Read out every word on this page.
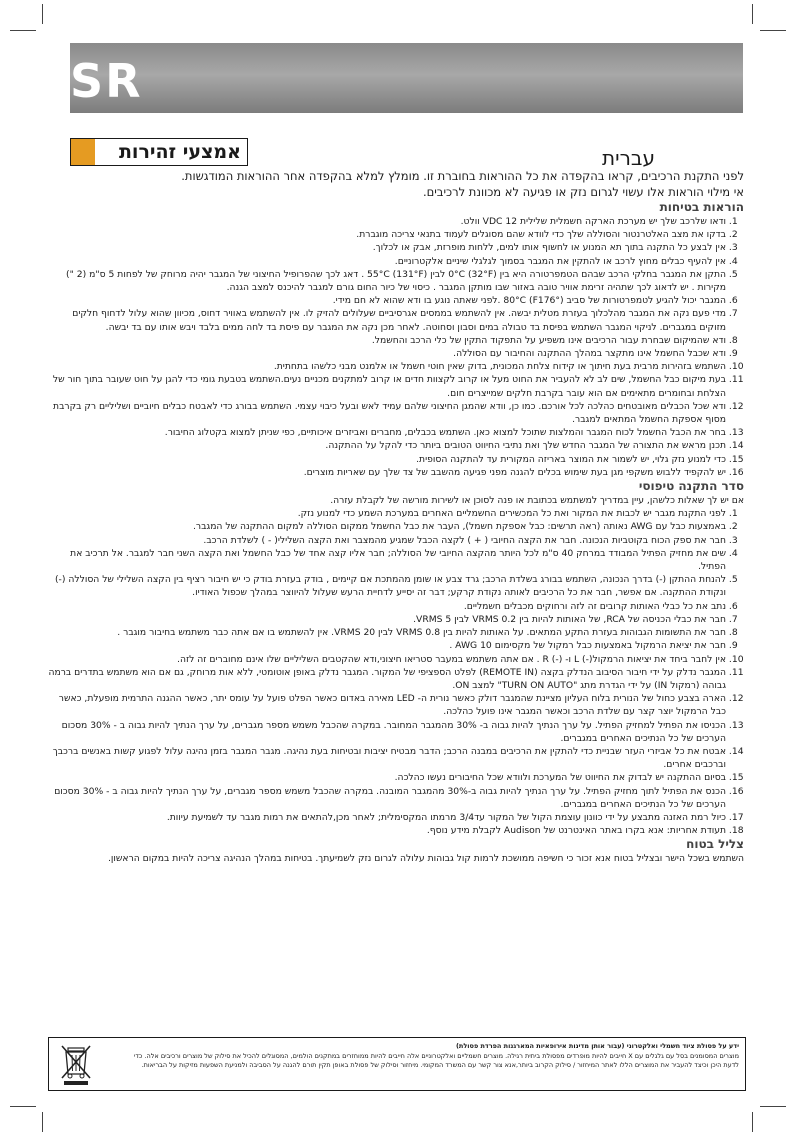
SR
אמצעי זהירות	עברית
לפני התקנת הרכיבים, קראו בהקפדה את כל ההוראות בחוברת זו. מומלץ למלא בהקפדה אחר ההוראות המודגשות.
אי מילוי הוראות אלו עשוי לגרום נזק או פגיעה לא מכוונת לרכיבים.
הוראות בטיחות
1. ודאו שלרכב שלך יש מערכת הארקה חשמלית שלילית VDC 12 וולט.
2. בדקו את מצב האלטרנטור והסוללה שלך כדי לוודא שהם מסוגלים לעמוד בתנאי צריכה מוגברת.
3. אין לבצע כל התקנה בתוך תא המנוע או לחשוף אותו למים, ללחות מופרזת, אבק או לכלוך.
4. אין להעיף כבלים מחוץ לרכב או להתקין את המגבר בסמוך לגלגלי שיניים אלקטרוניים.
5. התקן את המגבר בחלקי הרכב שבהם הטמפרטורה היא בין 0°C (32°F) לבין 55°C (131°F) . דאג לכך שהפרופיל החיצוני של המגבר יהיה מרוחק של לפחות 5 ס"מ (2 ") מקירות . יש לדאוג לכך שתהיה זרימת אוויר טובה באזור שבו מותקן המגבר . כיסוי של כיור החום גורם למגבר להיכנס למצב הגנה.
6. המגבר יכול להגיע לטמפרטורות של סביב 80°C (F176°) .לפני שאתה נוגע בו ודא שהוא לא חם מידי.
7. מדי פעם נקה את המגבר מהלכלוך בעזרת מטלית יבשה. אין להשתמש בממסים אגרסיביים שעלולים להזיק לו. אין להשתמש באוויר דחוס, מכיוון שהוא עלול לדחוף חלקים מזוקים במגברים. לניקוי המגבר השתמש בפיסת בד טבולה במים וסבון וסחוטה. לאחר מכן נקה את המגבר עם פיסת בד לחה ממים בלבד ויבש אותו עם בד יבשה.
8. ודא שהמיקום שבחרת עבור הרכיבים אינו משפיע על התפקוד התקין של כלי הרכב והחשמל.
9. ודא שכבל החשמל אינו מתקצר במהלך ההתקנה והחיבור עם הסוללה.
10. השתמש בזהירות מרבית בעת חיתוך או קידוח צלחת המכונית, בדוק שאין חוטי חשמל או אלמנט מבני כלשהו בתחתית.
11. בעת מיקום כבל החשמל, שים לב לא להעביר את החוט מעל או קרוב לקצוות חדים או קרוב למתקנים מכניים נעים.השתמש בטבעת גומי כדי להגן על חוט שעובר בתוך חור של הצלחת ובחומרים מתאימים אם הוא עובר בקרבת חלקים שמייצרים חום.
12. ודא שכל הכבלים מאובטחים כהלכה לכל אורכם. כמו כן, וודא שהמגן החיצוני שלהם עמיד לאש ובעל כיבוי עצמי. השתמש בבורג כדי לאבטח כבלים חיוביים ושליליים רק בקרבת מסוף אספקת החשמל המתאים למגבר.
13. בחר את הכבל החשמל לכוח המגבר והמלצות שתוכל למצוא כאן. השתמש בכבלים, מחברים ואביזרים איכותיים, כפי שניתן למצוא בקטלוג החיבור.
14. תכנן מראש את התצורה של המגבר החדש שלך ואת נתיבי החיווט הטובים ביותר כדי להקל על ההתקנה.
15. כדי למנוע נזק גלוי, יש לשמור את המוצר באריזה המקורית עד להתקנה הסופית.
16. יש להקפיד ללבוש משקפי מגן בעת שימוש בכלים להגנה מפני פגיעה מהשבב של צד שלך עם שאריות מוצרים.
סדר התקנה טיפוסי
אם יש לך שאלות כלשהן, עיין במדריך למשתמש בכתובת או פנה לסוכן או לשירות מורשה של לקבלת עזרה.
1. לפני התקנת מגבר יש לכבות את המקור ואת כל המכשירים החשמליים האחרים במערכת השמע כדי למנוע נזק.
2. באמצעות כבל עם AWG נאותה (ראה תרשים: כבל אספקת חשמל), העבר את כבל החשמל ממקום הסוללה למקום ההתקנה של המגבר.
3. חבר את ספק הכוח בקוטביות הנכונה. חבר את הקצה החיובי ( + ) לקצה הכבל שמגיע מהמצבר ואת הקצה השלילי( - ) לשלדת הרכב.
4. שים את מחזיק הפתיל המבודד במרחק 40 ס"מ לכל היותר מהקצה החיובי של הסוללה; חבר אליו קצה אחד של כבל החשמל ואת הקצה השני חבר למגבר. אל תרכיב את הפתיל.
5. להנחת ההתקן (-) בדרך הנכונה, השתמש בבורג בשלדת הרכב; גרד צבע או שומן מהמתכת אם קיימים , בודק בעזרת בודק כי יש חיבור רציף בין הקצה השלילי של הסוללה (-) ונקודת ההתקנה. אם אפשר, חבר את כל הרכיבים לאותה נקודת קרקע; דבר זה יסייע לדחיית הרעש שעלול להיווצר במהלך שכפול האודיו.
6. נתב את כל כבלי האותות קרובים זה לזה ורחוקים מכבלים חשמליים.
7. חבר את כבלי הכניסה של RCA, של האותות להיות בין VRMS 0.2 לבין VRMS 5.
8. חבר את התשומות הגבוהות בעזרת התקע המתאים. על האותות להיות בין VRMS 0.8 לבין VRMS 20. אין להשתמש בו אם אתה כבר משתמש בחיבור מוגבר .
9. חבר את יציאת הרמקול באמצעות כבל רמקול של מקסימום AWG 10 .
10. אין לחבר ביחד את יציאות הרמקול(-) L ו- (-) R . אם אתה משתמש במעבר סטריאו חיצוני,ודא שהקטבים השליליים שלו אינם מחוברים זה לזה.
11. המגבר נדלק על ידי חיבור הסיבוב הנדלק בקצה (REMOTE IN) לפלט הספציפי של המקור. המגבר נדלק באופן אוטומטי, ללא אות מרוחק, גם אם הוא משתמש בתדרים ברמה גבוהה (רמקול IN) על ידי הגדרת מתג "TURN ON AUTO" למצב ON.
12. הארה בצבע כחול של הנורית בלוח העליון מציינת שהמגבר דולק כאשר נורית ה- LED מאירה באדום כאשר הפלט פועל על עומס יתר, כאשר ההגנה התרמית מופעלת, כאשר כבל הרמקול יוצר קצר עם שלדת הרכב וכאשר המגבר אינו פועל כהלכה.
13. הכניסו את הפתיל למחזיק הפתיל. על ערך הנתיך להיות גבוה ב- 30% מהמגבר המחובר. במקרה שהכבל משמש מספר מגברים, על ערך הנתיך להיות גבוה ב - 30% מסכום הערכים של כל הנתיכים האחרים במגברים.
14. אבטח את כל אביזרי העזר שבניית כדי להתקין את הרכיבים במבנה הרכב; הדבר מבטיח יציבות ובטיחות בעת נהיגה. מגבר המגבר בזמן נהיגה עלול לפגוע קשות באנשים ברכבך וברכבים אחרים.
15. בסיום ההתקנה יש לבדוק את החיווט של המערכת ולוודא שכל החיבורים נעשו כהלכה.
16. הכנס את הפתיל לתוך מחזיק הפתיל. על ערך הנתיך להיות גבוה ב-30% מהמגבר המובנה. במקרה שהכבל משמש מספר מגברים, על ערך הנתיך להיות גבוה ב - 30% מסכום הערכים של כל הנתיכים האחרים במגברים.
17. כיול רמת האזנה מתבצע על ידי כוונון עוצמת הקול של המקור עד3/4 מרמתו המקסימלית; לאחר מכן,להתאים את רמות מגבר עד לשמיעת עיוות.
18. תעודת אחריות: אנא בקרו באתר האינטרנט של Audison לקבלת מידע נוסף.
צליל בטוח
השתמש בשכל הישר ובצליל בטוח אנא זכור כי חשיפה ממושכת לרמות קול גבוהות עלולה לגרום נזק לשמיעתך. בטיחות במהלך הנהיגה צריכה להיות במקום הראשון.
ידע על פסולת ציוד חשמלי ואלקטרוני (עבור אותן מדינות אירופאיות המארגנות הפרדת פסולת)
מוצרים המסומנים בסל עם גלגלים עם X חייבים להיות מופרדים מפסולת ביתית רגילה. מוצרים חשמליים ואלקטרוניים אלה חייבים להיות ממוחזרים במתקנים הולמים, המסוגלים להכיל את סילוק של מוצרים ורכיבים אלה. כדי לדעת היכן וכיצד להעביר את המוצרים הללו לאתר המיחזור / סילוק הקרוב ביותר,אנא צור קשר עם המשרד המקומי. מיחזור וסילוק של פסולת באופן תקין תורם להגנה על הסביבה ולמניעת השפעות מזיקות על הבריאות.
